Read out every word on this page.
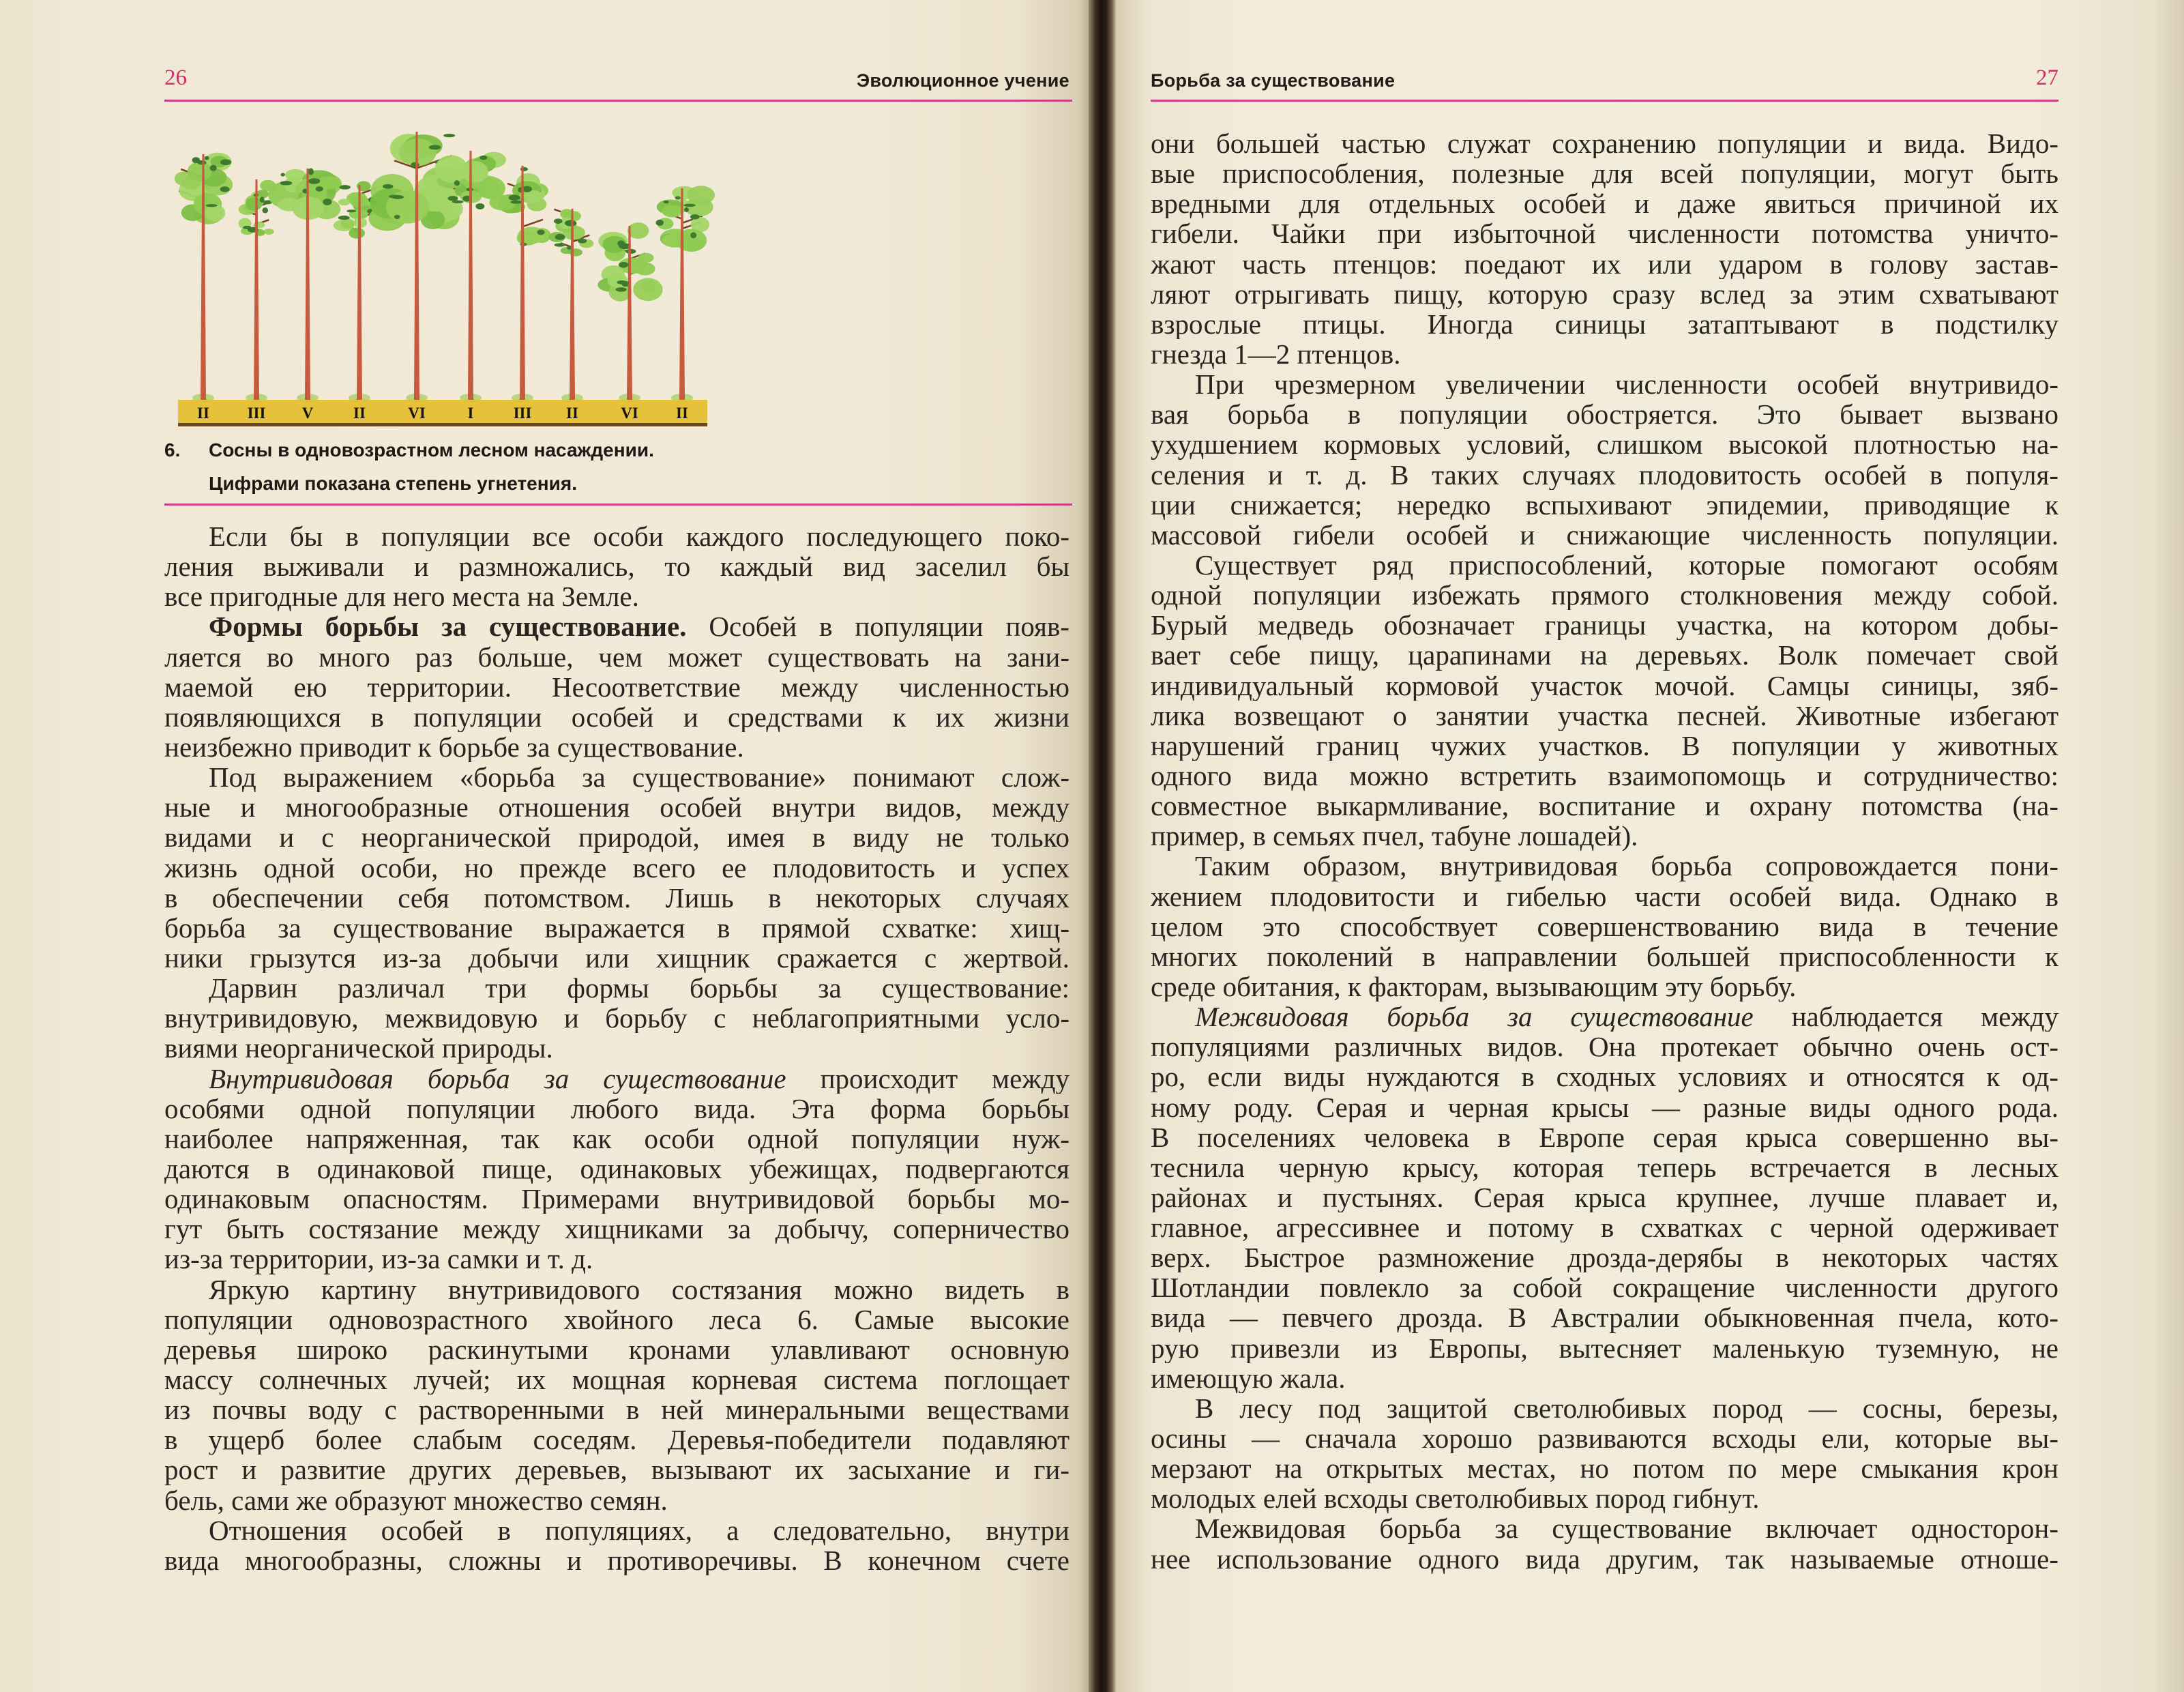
26	Эволюционное учение
II III V	II	VI	I	III II	VI II
6. Сосны в одновозрастном лесном насаждении.
Цифрами показана степень угнетения.
Если бы в популяции все особи каждого последующего поко-
ления выживали и размножались, то каждый вид заселил бы
все пригодные для него места на Земле.
Формы борьбы за существование. Особей в популяции появ-
ляется во много раз больше, чем может существовать на зани-
маемой ею территории. Несоответствие между численностью
появляющихся в популяции особей и средствами к их жизни
неизбежно приводит к борьбе за существование.
Под выражением «борьба за существование» понимают слож-
ные и многообразные отношения особей внутри видов, между
видами и с неорганической природой, имея в виду не только
жизнь одной особи, но прежде всего ее плодовитость и успех
в обеспечении себя потомством. Лишь в некоторых случаях
борьба за существование выражается в прямой схватке: хищ-
ники грызутся из-за добычи или хищник сражается с жертвой.
Дарвин различал три формы борьбы за существование:
внутривидовую, межвидовую и борьбу с неблагоприятными усло-
виями неорганической природы.
Внутривидовая борьба за существование происходит между
особями одной популяции любого вида. Эта форма борьбы
наиболее напряженная, так как особи одной популяции нуж-
даются в одинаковой пище, одинаковых убежищах, подвергаются
одинаковым опасностям. Примерами внутривидовой борьбы мо-
гут быть состязание между хищниками за добычу, соперничество
из-за территории, из-за самки и т. д.
Яркую картину внутривидового состязания можно видеть в
популяции одновозрастного хвойного леса 6. Самые высокие
деревья широко раскинутыми кронами улавливают основную
массу солнечных лучей; их мощная корневая система поглощает
из почвы воду с растворенными в ней минеральными веществами
в ущерб более слабым соседям. Деревья-победители подавляют
рост и развитие других деревьев, вызывают их засыхание и ги-
бель, сами же образуют множество семян.
Отношения особей в популяциях, а следовательно, внутри
вида многообразны, сложны и противоречивы. В конечном счете
Борьба за существование	27
они большей частью служат сохранению популяции и вида. Видо-
вые приспособления, полезные для всей популяции, могут быть
вредными для отдельных особей и даже явиться причиной их
гибели. Чайки при избыточной численности потомства уничто-
жают часть птенцов: поедают их или ударом в голову застав-
ляют отрыгивать пищу, которую сразу вслед за этим схватывают
взрослые птицы. Иногда синицы затаптывают в подстилку
гнезда 1—2 птенцов.
При чрезмерном увеличении численности особей внутривидо-
вая борьба в популяции обостряется. Это бывает вызвано
ухудшением кормовых условий, слишком высокой плотностью на-
селения и т. д. В таких случаях плодовитость особей в популя-
ции снижается; нередко вспыхивают эпидемии, приводящие к
массовой гибели особей и снижающие численность популяции.
Существует ряд приспособлений, которые помогают особям
одной популяции избежать прямого столкновения между собой.
Бурый медведь обозначает границы участка, на котором добы-
вает себе пищу, царапинами на деревьях. Волк помечает свой
индивидуальный кормовой участок мочой. Самцы синицы, зяб-
лика возвещают о занятии участка песней. Животные избегают
нарушений границ чужих участков. В популяции у животных
одного вида можно встретить взаимопомощь и сотрудничество:
совместное выкармливание, воспитание и охрану потомства (на-
пример, в семьях пчел, табуне лошадей).
Таким образом, внутривидовая борьба сопровождается пони-
жением плодовитости и гибелью части особей вида. Однако в
целом это способствует совершенствованию вида в течение
многих поколений в направлении большей приспособленности к
среде обитания, к факторам, вызывающим эту борьбу.
Межвидовая борьба за существование наблюдается между
популяциями различных видов. Она протекает обычно очень ост-
ро, если виды нуждаются в сходных условиях и относятся к од-
ному роду. Серая и черная крысы — разные виды одного рода.
В поселениях человека в Европе серая крыса совершенно вы-
теснила черную крысу, которая теперь встречается в лесных
районах и пустынях. Серая крыса крупнее, лучше плавает и,
главное, агрессивнее и потому в схватках с черной одерживает
верх. Быстрое размножение дрозда-дерябы в некоторых частях
Шотландии повлекло за собой сокращение численности другого
вида — певчего дрозда. В Австралии обыкновенная пчела, кото-
рую привезли из Европы, вытесняет маленькую туземную, не
имеющую жала.
В лесу под защитой светолюбивых пород — сосны, березы,
осины — сначала хорошо развиваются всходы ели, которые вы-
мерзают на открытых местах, но потом по мере смыкания крон
молодых елей всходы светолюбивых пород гибнут.
Межвидовая борьба за существование включает односторон-
нее использование одного вида другим, так называемые отноше-
